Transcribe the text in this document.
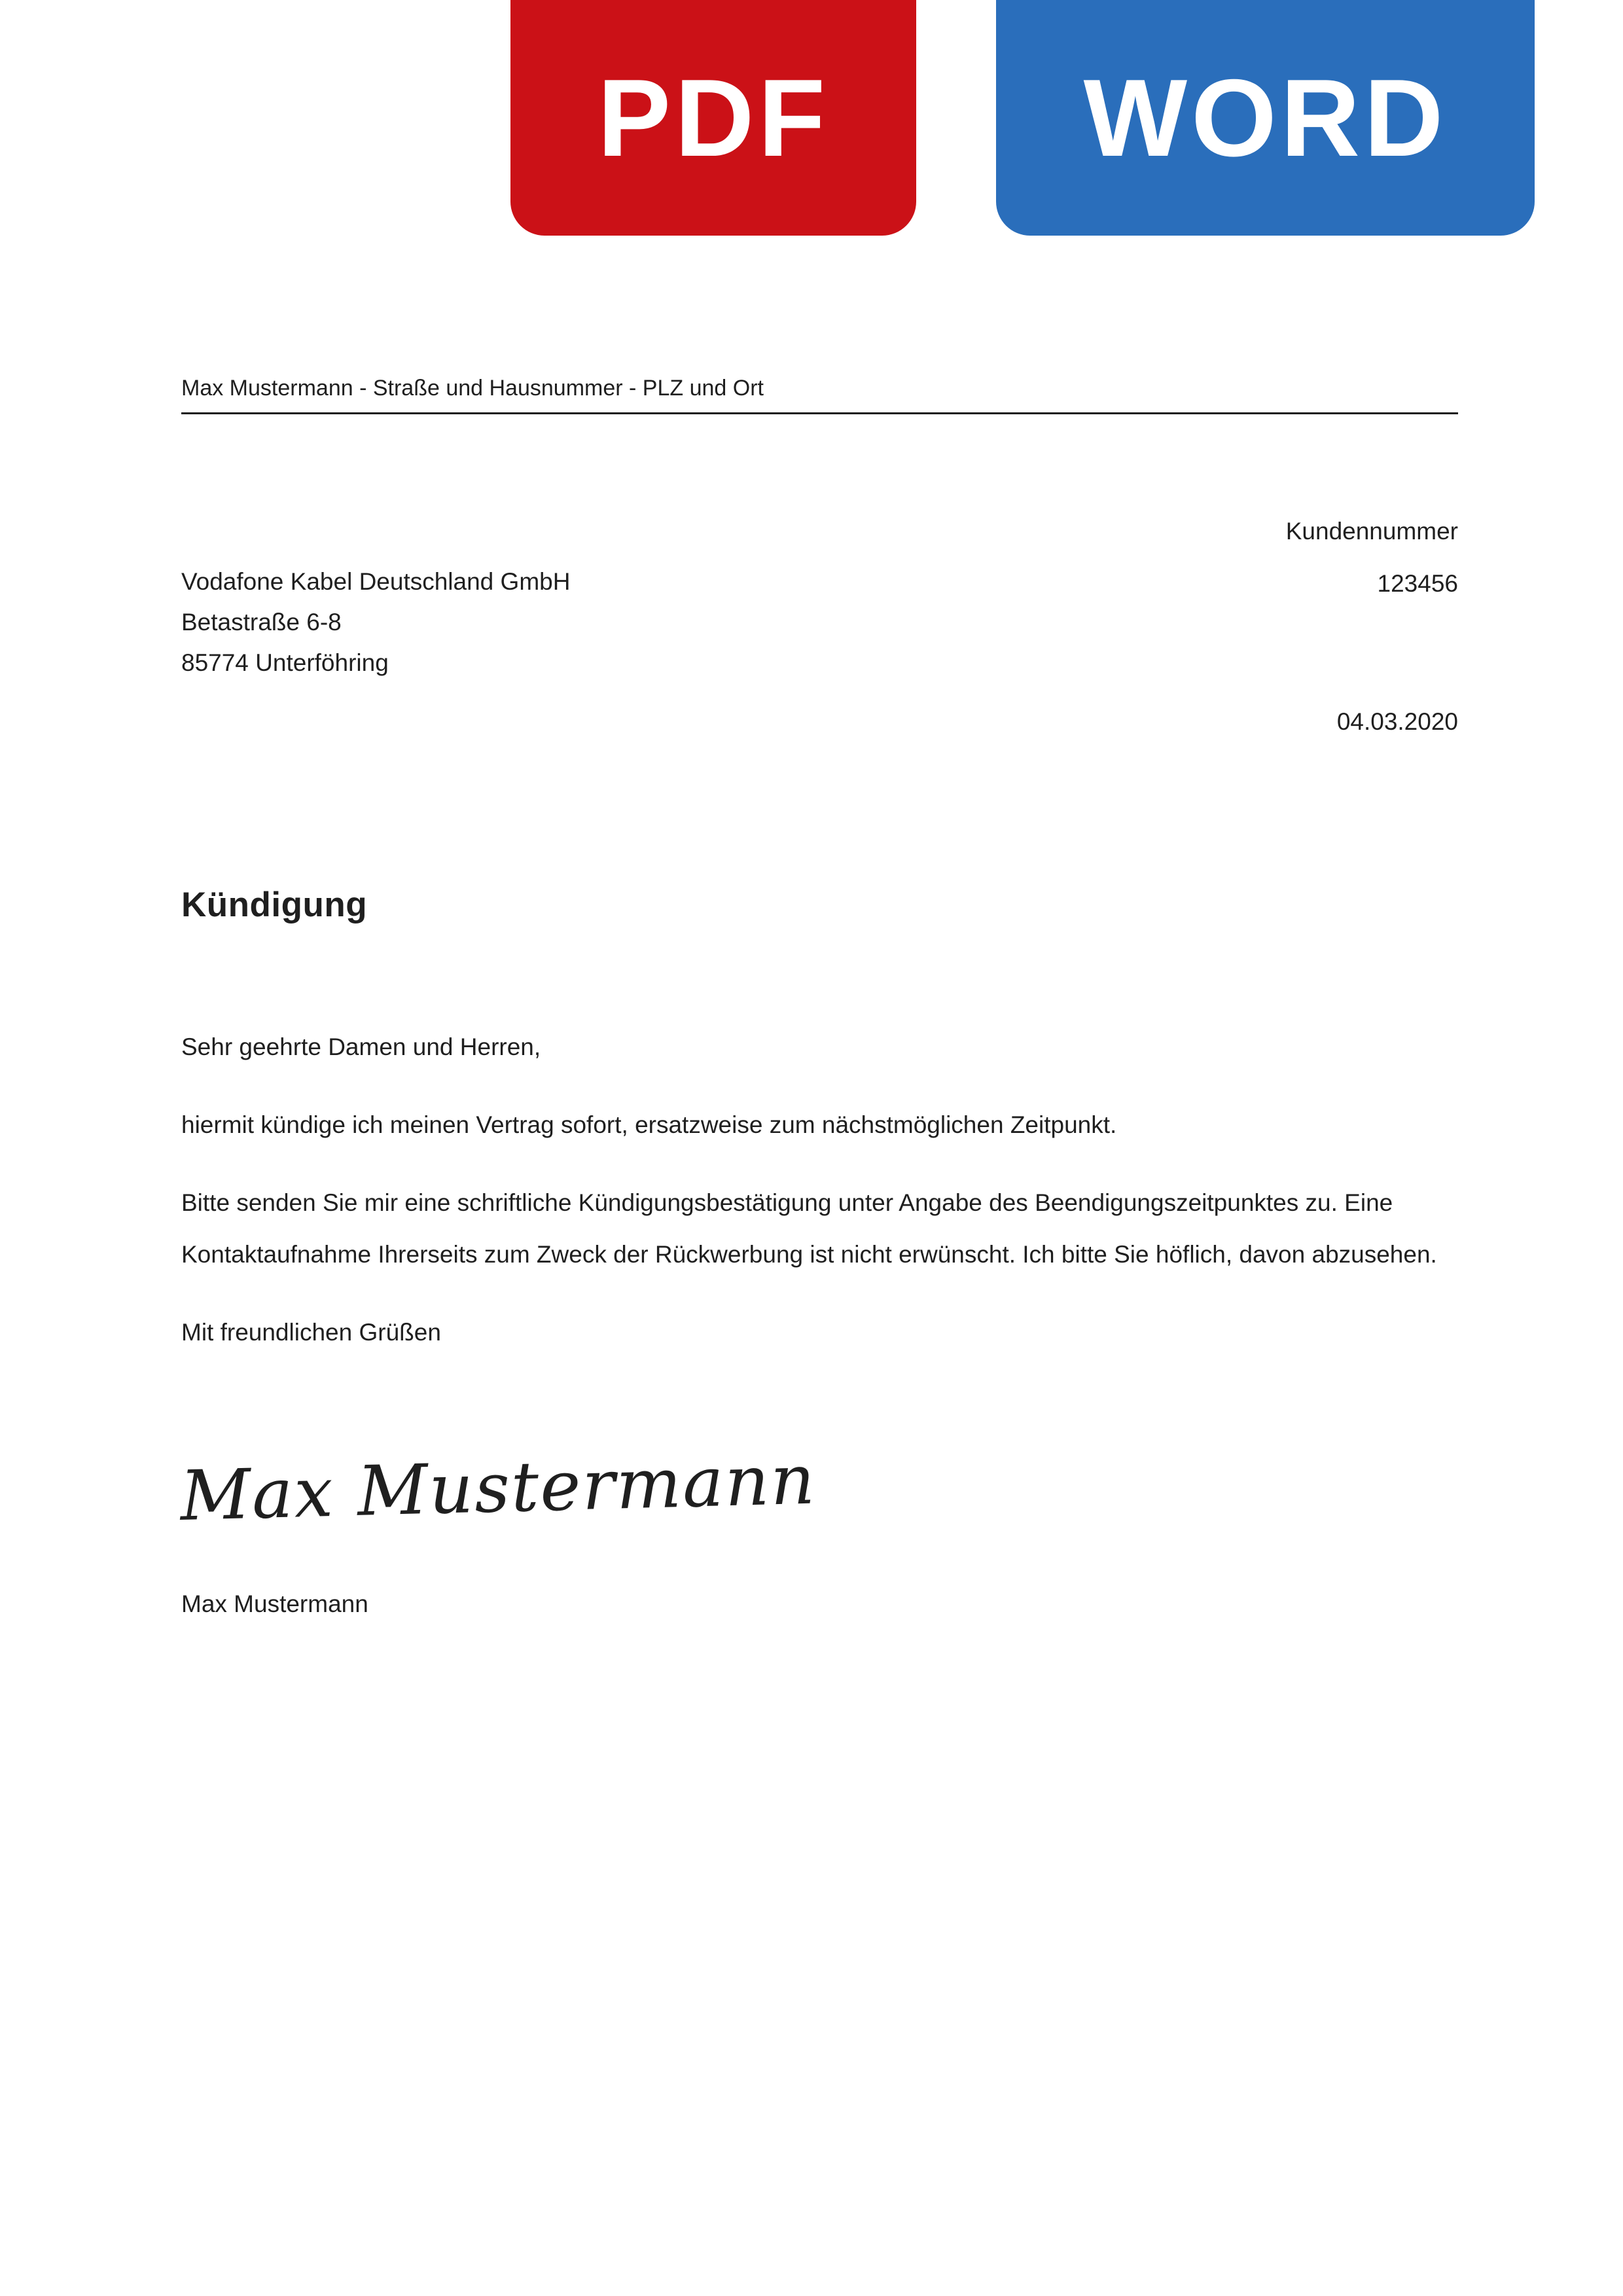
PDF	WORD
Max Mustermann - Straße und Hausnummer - PLZ und Ort
Kundennummer
123456
Vodafone Kabel Deutschland GmbH
Betastraße 6-8
85774 Unterföhring
04.03.2020
Kündigung

Sehr geehrte Damen und Herren,

hiermit kündige ich meinen Vertrag sofort, ersatzweise zum nächstmöglichen Zeitpunkt.

Bitte senden Sie mir eine schriftliche Kündigungsbestätigung unter Angabe des Beendigungszeitpunktes zu. Eine Kontaktaufnahme Ihrerseits zum Zweck der Rückwerbung ist nicht erwünscht. Ich bitte Sie höflich, davon abzusehen.

Mit freundlichen Grüßen

Max Mustermann
Max Mustermann
